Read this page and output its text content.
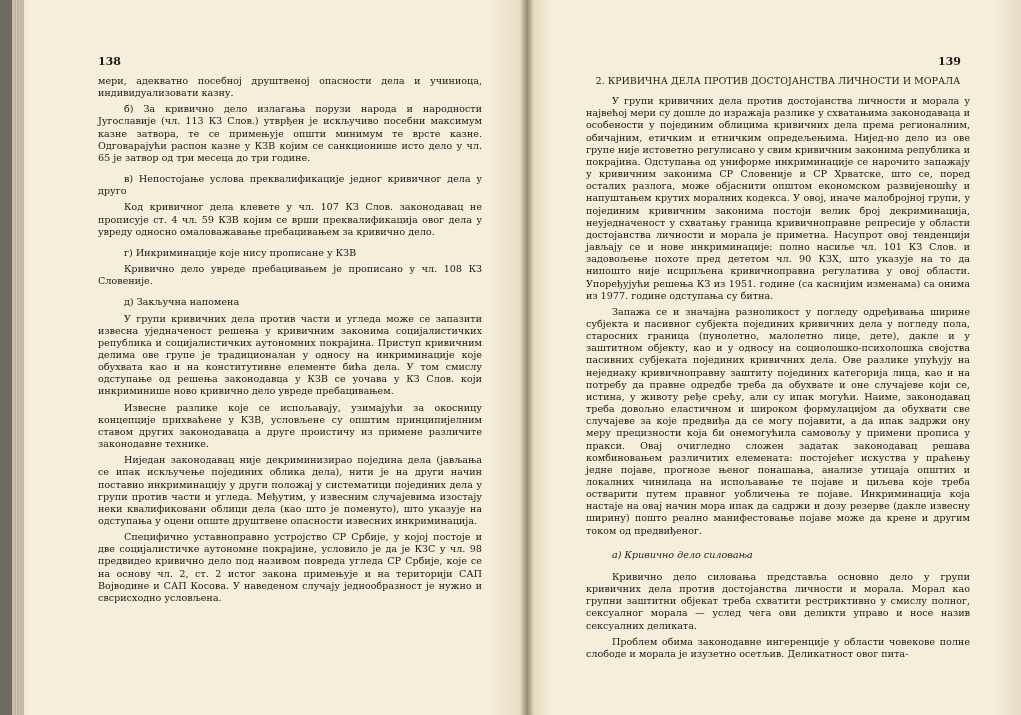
138

мери, адекватно посебној друштвеној опасности дела и учиниоца, индивидуализовати казну.

б) За кривично дело излагања порузи народа и народности Југославије (чл. 113 КЗ Слов.) утврђен је искључиво посебни максимум казне затвора, те се примењује општи минимум те врсте казне. Одговарајући распон казне у КЗВ којим се санкционише исто дело у чл. 65 је затвор од три месеца до три године.

в) Непостојање услова преквалификације једног кривичног дела у друго

Код кривичног дела клевете у чл. 107 КЗ Слов. законодавац не прописује ст. 4 чл. 59 КЗВ којим се врши преквалификација овог дела у увреду односно омаловажавање пребацивањем за кривично дело.

г) Инкриминације које нису прописане у КЗВ

Кривично дело увреде пребацивањем је прописано у чл. 108 КЗ Словеније.

д) Закључна напомена

У групи кривичних дела против части и угледа може се запазити извесна уједначеност решења у кривичним законима социјалистичких република и социјалистичких аутономних покрајина. Приступ кривичним делима ове групе је традиционалан у односу на инкриминације које обухвата као и на конститутивне елементе бића дела. У том смислу одступање од решења законодавца у КЗВ се уочава у КЗ Слов. који инкриминише ново кривично дело увреде пребацивањем.

Извесне разлике које се испољавају, узимајући за окосницу концепције прихваћене у КЗВ, условљене су општим принципијелним ставом других законодаваца а друге проистичу из примене различите законодавне технике.

Ниједан законодавац није декриминизирао поједина дела (јављања се ипак искључење појединих облика дела), нити је на други начин поставио инкриминацију у други положај у систематици појединих дела у групи против части и угледа. Међутим, у извесним случајевима изостају неки квалификовани облици дела (као што је поменуто), што указује на одступања у оцени опште друштвене опасности извесних инкриминација.

Специфично уставноправно устројство СР Србије, у којој постоје и две социјалистичке аутономне покрајине, условило је да је КЗС у чл. 98 предвидео кривично дело под називом повреда угледа СР Србије, које се на основу чл. 2, ст. 2 истог закона примењује и на територији САП Војводине и САП Косова. У наведеном случају једнообразност је нужно и свсрисходно условљена.

139

2. КРИВИЧНА ДЕЛА ПРОТИВ ДОСТОЈАНСТВА ЛИЧНОСТИ И МОРАЛА

У групи кривичних дела против достојанства личности и морала у највећој мери су дошле до изражаја разлике у схватањима законодаваца и особености у појединим облицима кривичних дела према регионалним, обичајним, етичким и етничким опредељењима. Нијед-но дело из ове групе није истоветно регулисано у свим кривичним законима република и покрајина. Одступања од униформе инкриминације се нарочито запажају у кривичним законима СР Словеније и СР Хрватске, што се, поред осталих разлога, може објаснити општом економском развијеношћу и напуштањем крутих моралних кодекса. У овој, иначе малобројној групи, у појединим кривичним законима постоји велик број декриминација, неуједначеност у схватању граница кривичноправне репресије у области достојанства личности и морала је приметна. Насупрот овој тенденцији јављају се и нове инкриминације: полно насиље чл. 101 КЗ Слов. и задовољење похоте пред дететом чл. 90 КЗХ, што указује на то да нипошто није исцрпљена кривичноправна регулатива у овој области. Упоређујући решења КЗ из 1951. године (са каснијим изменама) са онима из 1977. године одступања су битна.

Запажа се и значајна разноликост у погледу одређивања ширине субјекта и пасивног субјекта појединих кривичних дела у погледу пола, старосних граница (пунолетно, малолетно лице, дете), дакле и у заштитном објекту, као и у односу на социолошко-психолошка својства пасивних субјеката појединих кривичних дела. Ове разлике упућују на неједнаку кривичноправну заштиту појединих категорија лица, као и на потребу да правне одредбе треба да обухвате и оне случајеве који се, истина, у животу ређе срећу, али су ипак могући. Наиме, законодавац треба довољно еластичном и широком формулацијом да обухвати све случајеве за које предвиђа да се могу појавити, а да ипак задржи ону меру прецизности која би онемогућила самовољу у примени прописа у пракси. Овај очигледно сложен задатак законодавац решава комбиновањем различитих елемената: постојећег искуства у праћењу једне појаве, прогнозе њеног понашања, анализе утицаја општих и локалних чинилаца на испољавање те појаве и циљева које треба остварити путем правног уобличења те појаве. Инкриминација која настаје на овај начин мора ипак да садржи и дозу резерве (дакле извесну ширину) пошто реално манифестовање појаве може да крене и другим током од предвиђеног.

а) Кривично дело силовања

Кривично дело силовања представља основно дело у групи кривичних дела против достојанства личности и морала. Морал као групни заштитни објекат треба схватити рестриктивно у смислу полног, сексуалног морала — услед чега ови деликти управо и носе назив сексуалних деликата.

Проблем обима законодавне ингеренције у области човекове полне слободе и морала је изузетно осетљив. Деликатност овог пита-
